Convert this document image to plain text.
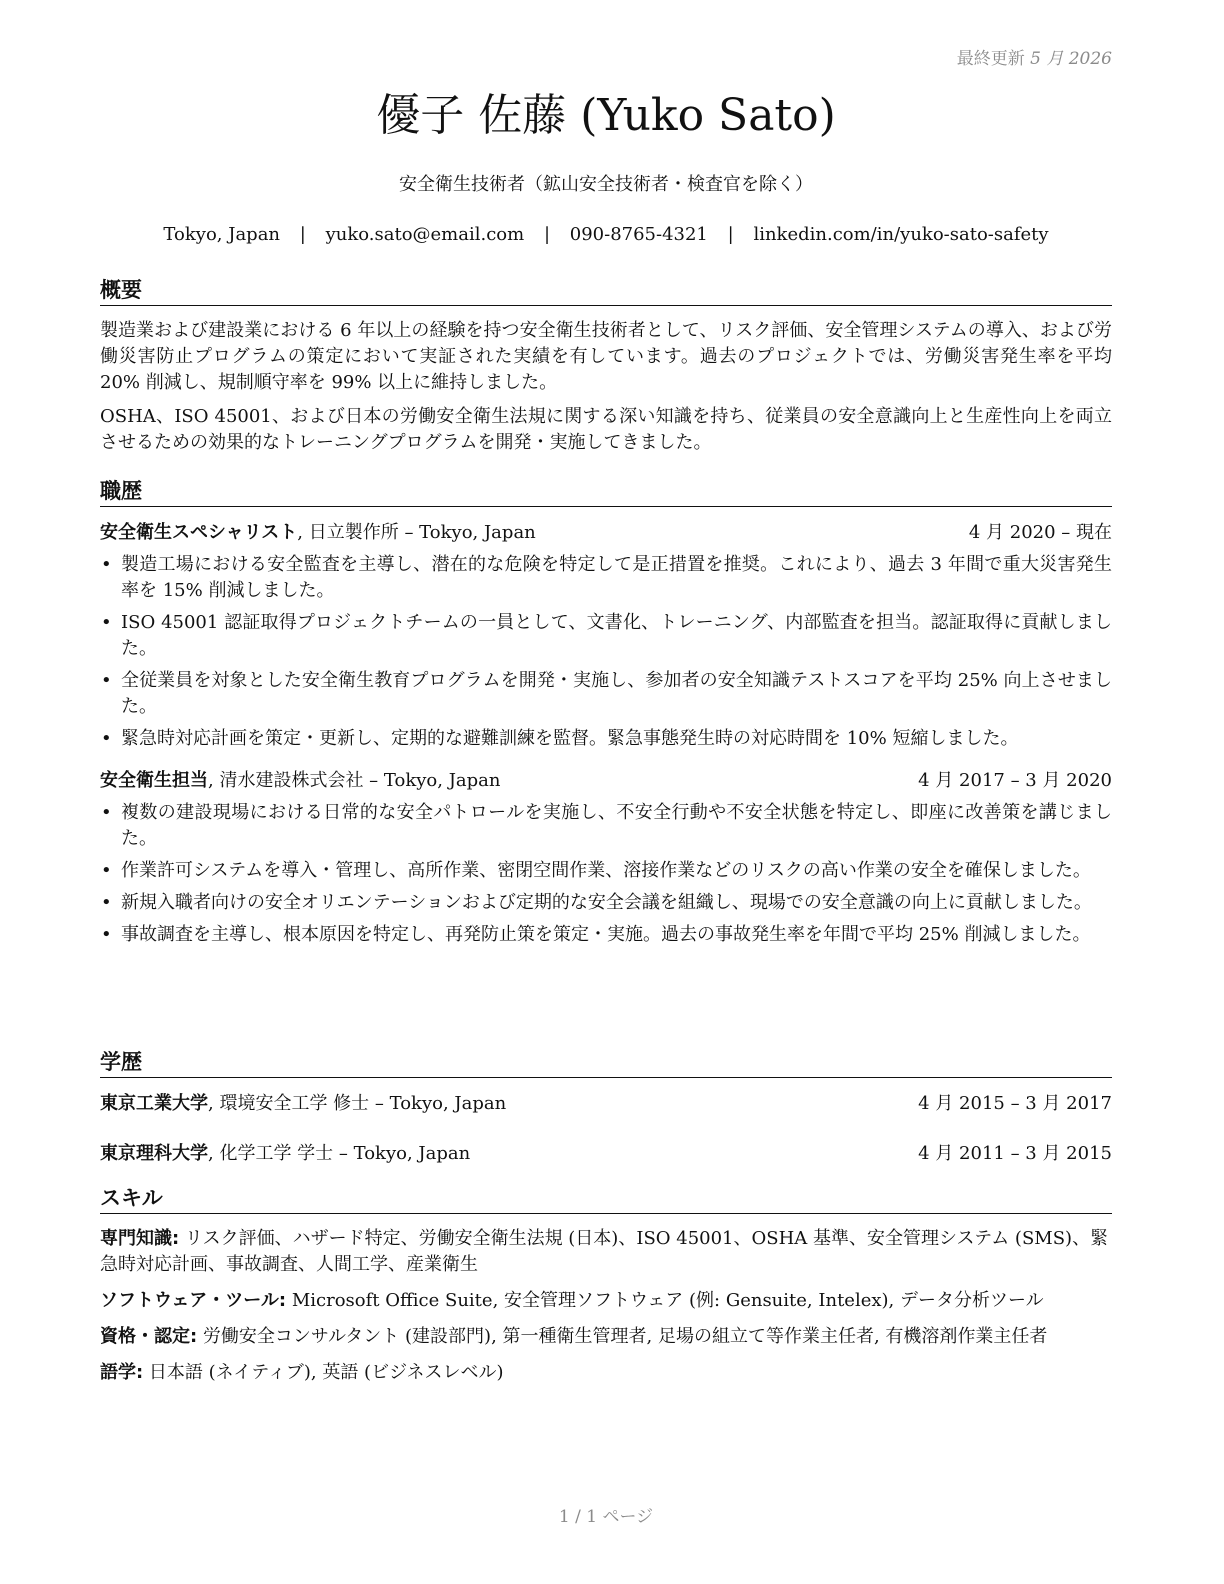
最終更新 5 月 2026
優子 佐藤 (Yuko Sato)
安全衛生技術者（鉱山安全技術者・検査官を除く）
Tokyo, Japan | yuko.sato@email.com | 090-8765-4321 | linkedin.com/in/yuko-sato-safety
概要

製造業および建設業における 6 年以上の経験を持つ安全衛生技術者として、リスク評価、安全管理システムの導入、および労働災害防止プログラムの策定において実証された実績を有しています。過去のプロジェクトでは、労働災害発生率を平均 20% 削減し、規制順守率を 99% 以上に維持しました。

OSHA、ISO 45001、および日本の労働安全衛生法規に関する深い知識を持ち、従業員の安全意識向上と生産性向上を両立させるための効果的なトレーニングプログラムを開発・実施してきました。

職歴
安全衛生スペシャリスト, 日立製作所 – Tokyo, Japan	4 月 2020 – 現在
• 製造工場における安全監査を主導し、潜在的な危険を特定して是正措置を推奨。これにより、過去 3 年間で重大災害発生率を 15% 削減しました。
• ISO 45001 認証取得プロジェクトチームの一員として、文書化、トレーニング、内部監査を担当。認証取得に貢献しました。
• 全従業員を対象とした安全衛生教育プログラムを開発・実施し、参加者の安全知識テストスコアを平均 25% 向上させました。
• 緊急時対応計画を策定・更新し、定期的な避難訓練を監督。緊急事態発生時の対応時間を 10% 短縮しました。
安全衛生担当, 清水建設株式会社 – Tokyo, Japan	4 月 2017 – 3 月 2020
• 複数の建設現場における日常的な安全パトロールを実施し、不安全行動や不安全状態を特定し、即座に改善策を講じました。
• 作業許可システムを導入・管理し、高所作業、密閉空間作業、溶接作業などのリスクの高い作業の安全を確保しました。
• 新規入職者向けの安全オリエンテーションおよび定期的な安全会議を組織し、現場での安全意識の向上に貢献しました。
• 事故調査を主導し、根本原因を特定し、再発防止策を策定・実施。過去の事故発生率を年間で平均 25% 削減しました。
学歴
東京工業大学, 環境安全工学 修士 – Tokyo, Japan	4 月 2015 – 3 月 2017
東京理科大学, 化学工学 学士 – Tokyo, Japan	4 月 2011 – 3 月 2015
スキル

専門知識: リスク評価、ハザード特定、労働安全衛生法規 (日本)、ISO 45001、OSHA 基準、安全管理システム (SMS)、緊急時対応計画、事故調査、人間工学、産業衛生

ソフトウェア・ツール: Microsoft Office Suite, 安全管理ソフトウェア (例: Gensuite, Intelex), データ分析ツール

資格・認定: 労働安全コンサルタント (建設部門), 第一種衛生管理者, 足場の組立て等作業主任者, 有機溶剤作業主任者

語学: 日本語 (ネイティブ), 英語 (ビジネスレベル)

1 / 1 ページ
